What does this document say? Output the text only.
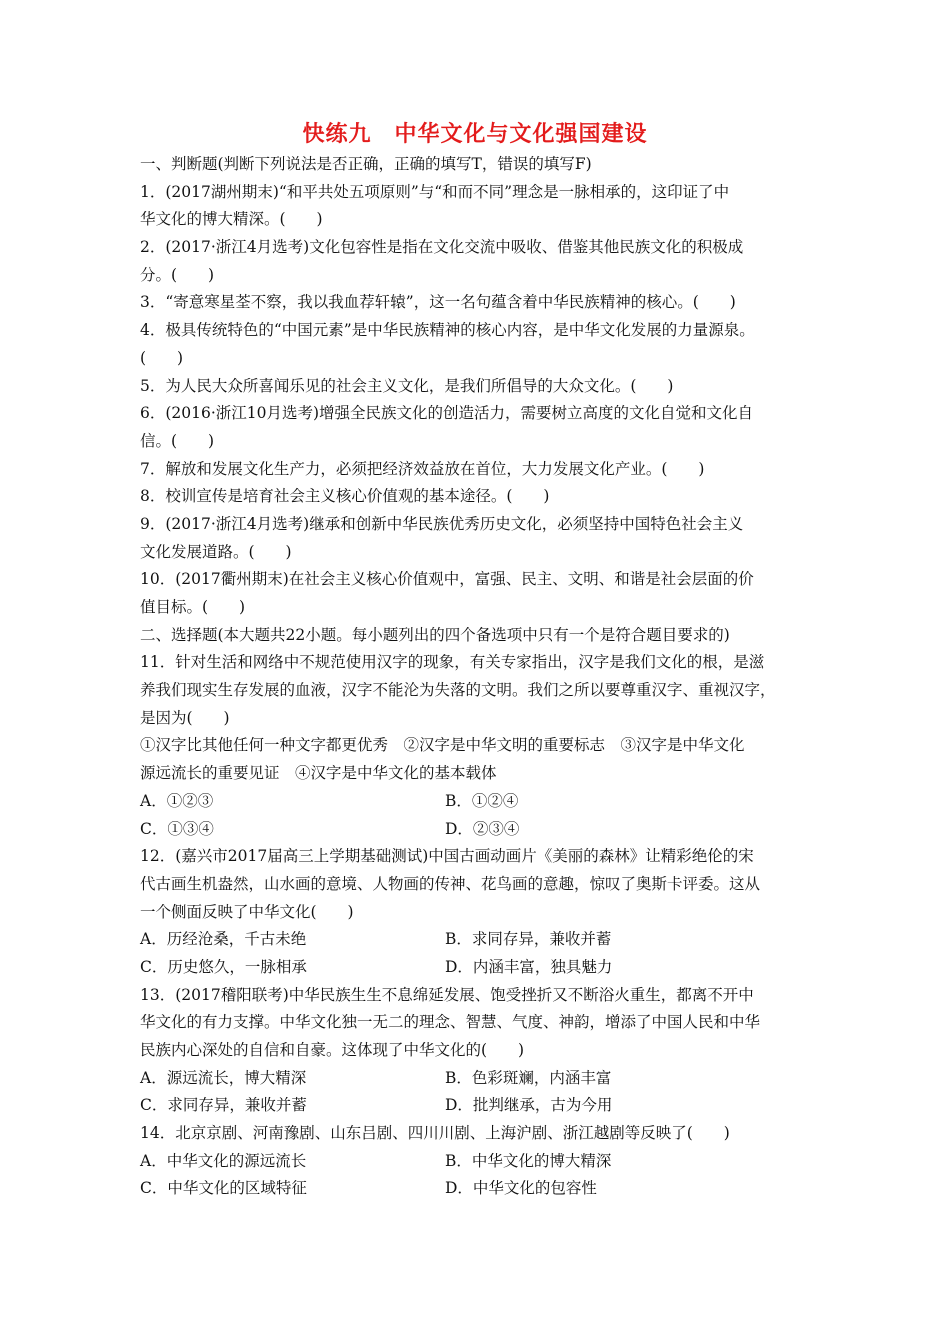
快练九　中华文化与文化强国建设
一、判断题(判断下列说法是否正确，正确的填写T，错误的填写F)
1．(2017湖州期末)“和平共处五项原则”与“和而不同”理念是一脉相承的，这印证了中
华文化的博大精深。(　　)
2．(2017·浙江4月选考)文化包容性是指在文化交流中吸收、借鉴其他民族文化的积极成
分。(　　)
3．“寄意寒星荃不察，我以我血荐轩辕”，这一名句蕴含着中华民族精神的核心。(　　)
4．极具传统特色的“中国元素”是中华民族精神的核心内容，是中华文化发展的力量源泉。
(　　)
5．为人民大众所喜闻乐见的社会主义文化，是我们所倡导的大众文化。(　　)
6．(2016·浙江10月选考)增强全民族文化的创造活力，需要树立高度的文化自觉和文化自
信。(　　)
7．解放和发展文化生产力，必须把经济效益放在首位，大力发展文化产业。(　　)
8．校训宣传是培育社会主义核心价值观的基本途径。(　　)
9．(2017·浙江4月选考)继承和创新中华民族优秀历史文化，必须坚持中国特色社会主义
文化发展道路。(　　)
10．(2017衢州期末)在社会主义核心价值观中，富强、民主、文明、和谐是社会层面的价
值目标。(　　)
二、选择题(本大题共22小题。每小题列出的四个备选项中只有一个是符合题目要求的)
11．针对生活和网络中不规范使用汉字的现象，有关专家指出，汉字是我们文化的根，是滋
养我们现实生存发展的血液，汉字不能沦为失落的文明。我们之所以要尊重汉字、重视汉字，
是因为(　　)
①汉字比其他任何一种文字都更优秀　②汉字是中华文明的重要标志　③汉字是中华文化
源远流长的重要见证　④汉字是中华文化的基本载体
A．①②③	B．①②④
C．①③④	D．②③④
12．(嘉兴市2017届高三上学期基础测试)中国古画动画片《美丽的森林》让精彩绝伦的宋
代古画生机盎然，山水画的意境、人物画的传神、花鸟画的意趣，惊叹了奥斯卡评委。这从
一个侧面反映了中华文化(　　)
A．历经沧桑，千古未绝	B．求同存异，兼收并蓄
C．历史悠久，一脉相承	D．内涵丰富，独具魅力
13．(2017稽阳联考)中华民族生生不息绵延发展、饱受挫折又不断浴火重生，都离不开中
华文化的有力支撑。中华文化独一无二的理念、智慧、气度、神韵，增添了中国人民和中华
民族内心深处的自信和自豪。这体现了中华文化的(　　)
A．源远流长，博大精深	B．色彩斑斓，内涵丰富
C．求同存异，兼收并蓄	D．批判继承，古为今用
14．北京京剧、河南豫剧、山东吕剧、四川川剧、上海沪剧、浙江越剧等反映了(　　)
A．中华文化的源远流长	B．中华文化的博大精深
C．中华文化的区域特征	D．中华文化的包容性
